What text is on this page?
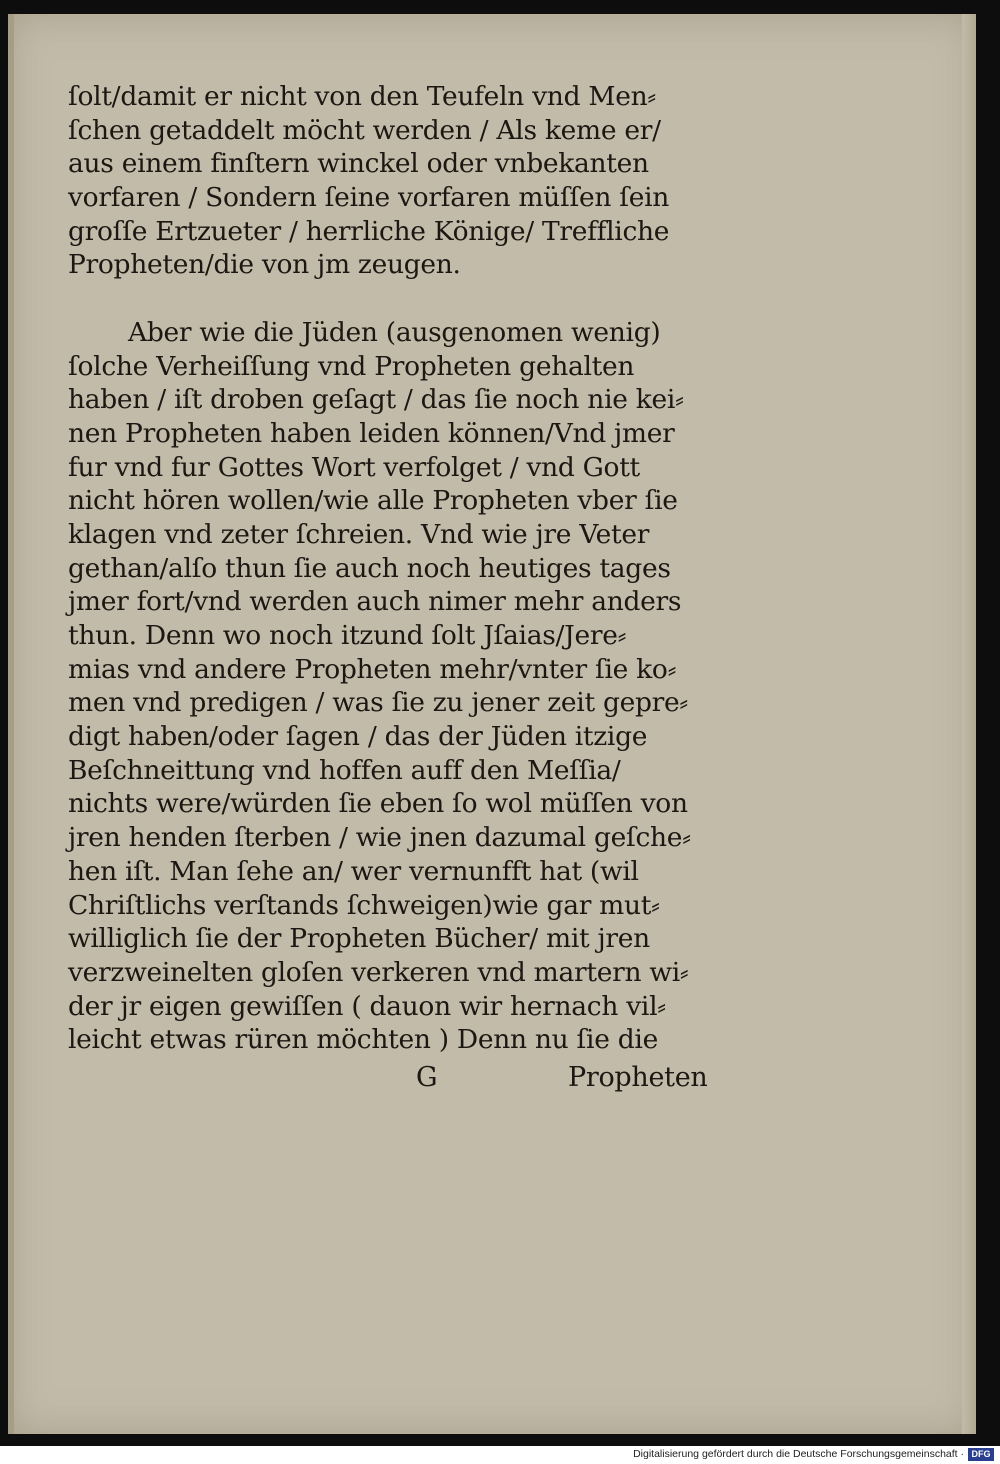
ſolt/damit er nicht von den Teufeln vnd Men⸗
ſchen getaddelt möcht werden / Als keme er/
aus einem finſtern winckel oder vnbekanten
vorfaren / Sondern ſeine vorfaren müſſen ſein
groſſe Ertzueter / herrliche Könige/ Treffliche
Propheten/die von jm zeugen.
Aber wie die Jüden (ausgenomen wenig)
ſolche Verheiſſung vnd Propheten gehalten
haben / iſt droben geſagt / das ſie noch nie kei⸗
nen Propheten haben leiden können/Vnd jmer
fur vnd fur Gottes Wort verfolget / vnd Gott
nicht hören wollen/wie alle Propheten vber ſie
klagen vnd zeter ſchreien. Vnd wie jre Veter
gethan/alſo thun ſie auch noch heutiges tages
jmer fort/vnd werden auch nimer mehr anders
thun. Denn wo noch itzund ſolt Jſaias/Jere⸗
mias vnd andere Propheten mehr/vnter ſie ko⸗
men vnd predigen / was ſie zu jener zeit gepre⸗
digt haben/oder ſagen / das der Jüden itzige
Beſchneittung vnd hoffen auff den Meſſia/
nichts were/würden ſie eben ſo wol müſſen von
jren henden ſterben / wie jnen dazumal geſche⸗
hen iſt. Man ſehe an/ wer vernunfft hat (wil
Chriſtlichs verſtands ſchweigen)wie gar mut⸗
williglich ſie der Propheten Bücher/ mit jren
verzweinelten gloſen verkeren vnd martern wi⸗
der jr eigen gewiſſen ( dauon wir hernach vil⸗
leicht etwas rüren möchten ) Denn nu ſie die
G	Propheten
Digitalisierung gefördert durch die Deutsche Forschungsgemeinschaft · DFG
